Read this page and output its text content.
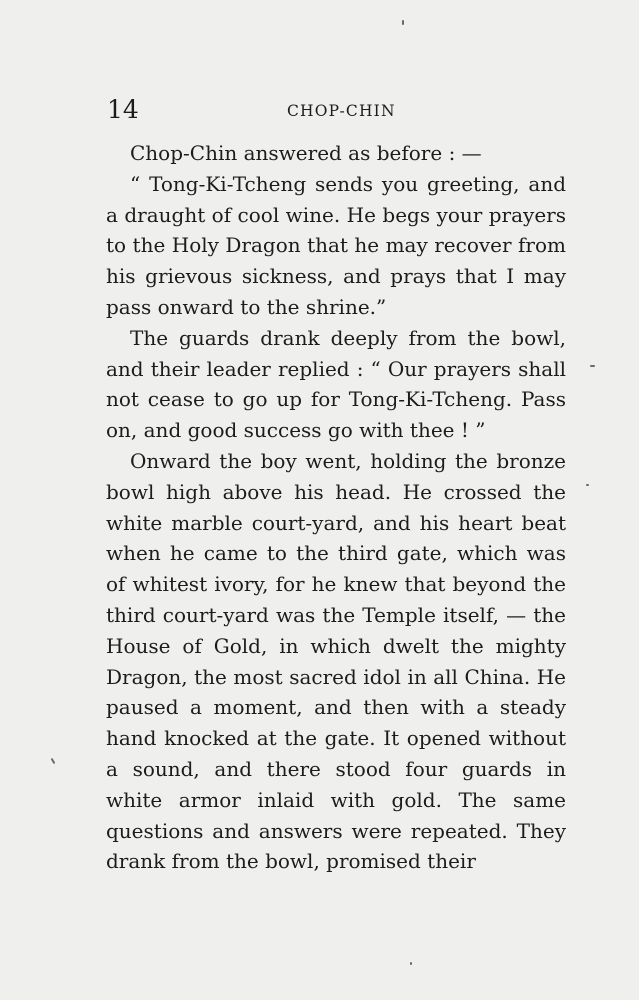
14	CHOP-CHIN

Chop-Chin answered as before : —

“ Tong-Ki-Tcheng sends you greeting, and a draught of cool wine. He begs your prayers to the Holy Dragon that he may recover from his grievous sickness, and prays that I may pass onward to the shrine.”

The guards drank deeply from the bowl, and their leader replied : “ Our prayers shall not cease to go up for Tong-Ki-Tcheng. Pass on, and good success go with thee ! ”

Onward the boy went, holding the bronze bowl high above his head. He crossed the white marble court-yard, and his heart beat when he came to the third gate, which was of whitest ivory, for he knew that beyond the third court-yard was the Temple itself, — the House of Gold, in which dwelt the mighty Dragon, the most sacred idol in all China. He paused a moment, and then with a steady hand knocked at the gate. It opened without a sound, and there stood four guards in white armor inlaid with gold. The same questions and answers were repeated. They drank from the bowl, promised their
